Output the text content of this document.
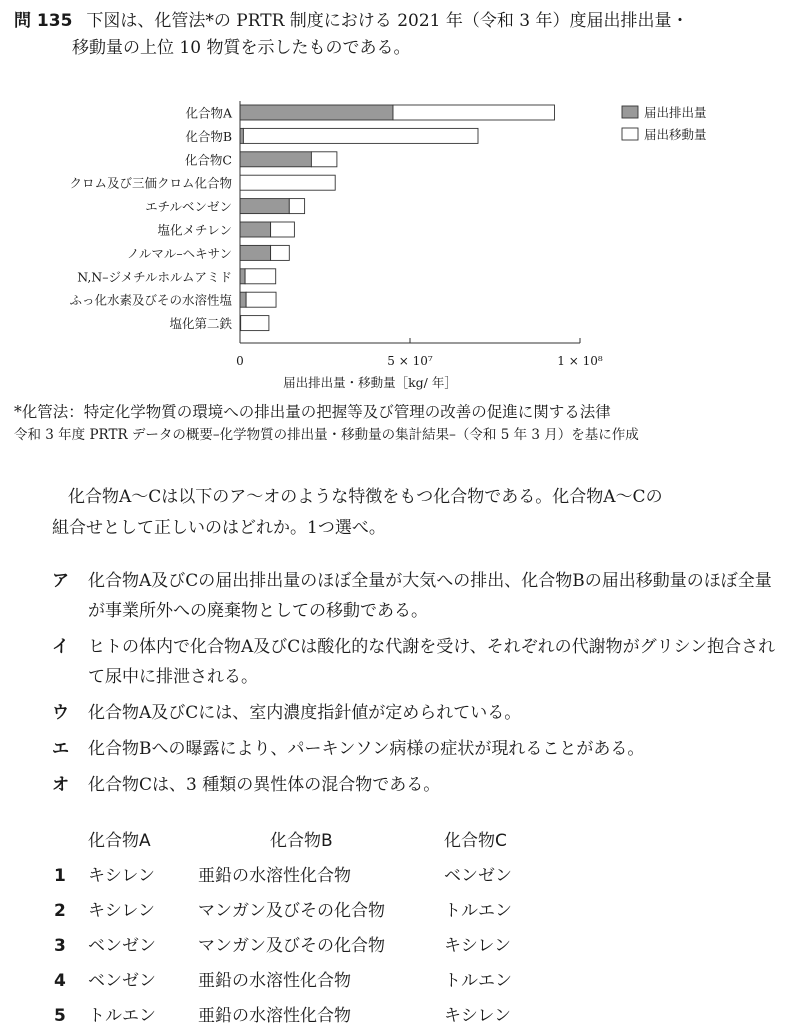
問 135 下図は、化管法*の PRTR 制度における 2021 年（令和 3 年）度届出排出量・
移動量の上位 10 物質を示したものである。
化合物A
化合物B
化合物C
クロム及び三価クロム化合物
エチルベンゼン
塩化メチレン
ノルマル–ヘキサン
N,N–ジメチルホルムアミド
ふっ化水素及びその水溶性塩
塩化第二鉄
0	5 × 10⁷	1 × 10⁸
届出排出量・移動量［kg/ 年］
届出排出量
届出移動量
*化管法：特定化学物質の環境への排出量の把握等及び管理の改善の促進に関する法律
令和 3 年度 PRTR データの概要–化学物質の排出量・移動量の集計結果–（令和 5 年 3 月）を基に作成
化合物A～Cは以下のア～オのような特徴をもつ化合物である。化合物A～Cの
組合せとして正しいのはどれか。1つ選べ。
ア	化合物A及びCの届出排出量のほぼ全量が大気への排出、化合物Bの届出移動量のほぼ全量が事業所外への廃棄物としての移動である。
イ	ヒトの体内で化合物A及びCは酸化的な代謝を受け、それぞれの代謝物がグリシン抱合されて尿中に排泄される。
ウ	化合物A及びCには、室内濃度指針値が定められている。
エ	化合物Bへの曝露により、パーキンソン病様の症状が現れることがある。
オ	化合物Cは、3 種類の異性体の混合物である。
化合物A	化合物B	化合物C
1 キシレン	亜鉛の水溶性化合物	ベンゼン
2 キシレン	マンガン及びその化合物	トルエン
3 ベンゼン マンガン及びその化合物	キシレン
4 ベンゼン 亜鉛の水溶性化合物	トルエン
5 トルエン 亜鉛の水溶性化合物	キシレン
